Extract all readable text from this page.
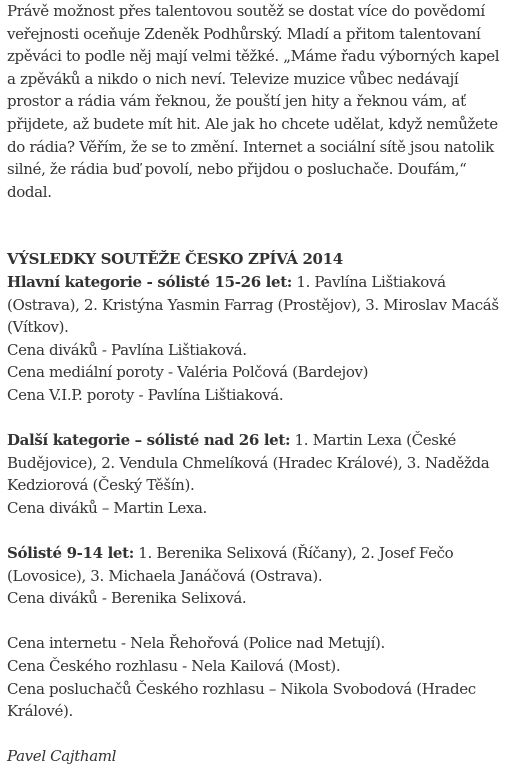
Právě možnost přes talentovou soutěž se dostat více do povědomí veřejnosti oceňuje Zdeněk Podhůrský. Mladí a přitom talentovaní zpěváci to podle něj mají velmi těžké. „Máme řadu výborných kapel a zpěváků a nikdo o nich neví. Televize muzice vůbec nedávají prostor a rádia vám řeknou, že pouští jen hity a řeknou vám, ať přijdete, až budete mít hit. Ale jak ho chcete udělat, když nemůžete do rádia? Věřím, že se to změní. Internet a sociální sítě jsou natolik silné, že rádia buď povolí, nebo přijdou o posluchače. Doufám,“ dodal.

VÝSLEDKY SOUTĚŽE ČESKO ZPÍVÁ 2014

Hlavní kategorie - sólisté 15-26 let: 1. Pavlína Lištiaková (Ostrava), 2. Kristýna Yasmin Farrag (Prostějov), 3. Miroslav Macáš (Vítkov).

Cena diváků - Pavlína Lištiaková.

Cena mediální poroty - Valéria Polčová (Bardejov)

Cena V.I.P. poroty - Pavlína Lištiaková.

Další kategorie – sólisté nad 26 let: 1. Martin Lexa (České Budějovice), 2. Vendula Chmelíková (Hradec Králové), 3. Naděžda Kedziorová (Český Těšín).

Cena diváků – Martin Lexa.

Sólisté 9-14 let: 1. Berenika Selixová (Říčany), 2. Josef Fečo (Lovosice), 3. Michaela Janáčová (Ostrava).

Cena diváků - Berenika Selixová.

Cena internetu - Nela Řehořová (Police nad Metují).

Cena Českého rozhlasu - Nela Kailová (Most).

Cena posluchačů Českého rozhlasu – Nikola Svobodová (Hradec Králové).

Pavel Cajthaml
